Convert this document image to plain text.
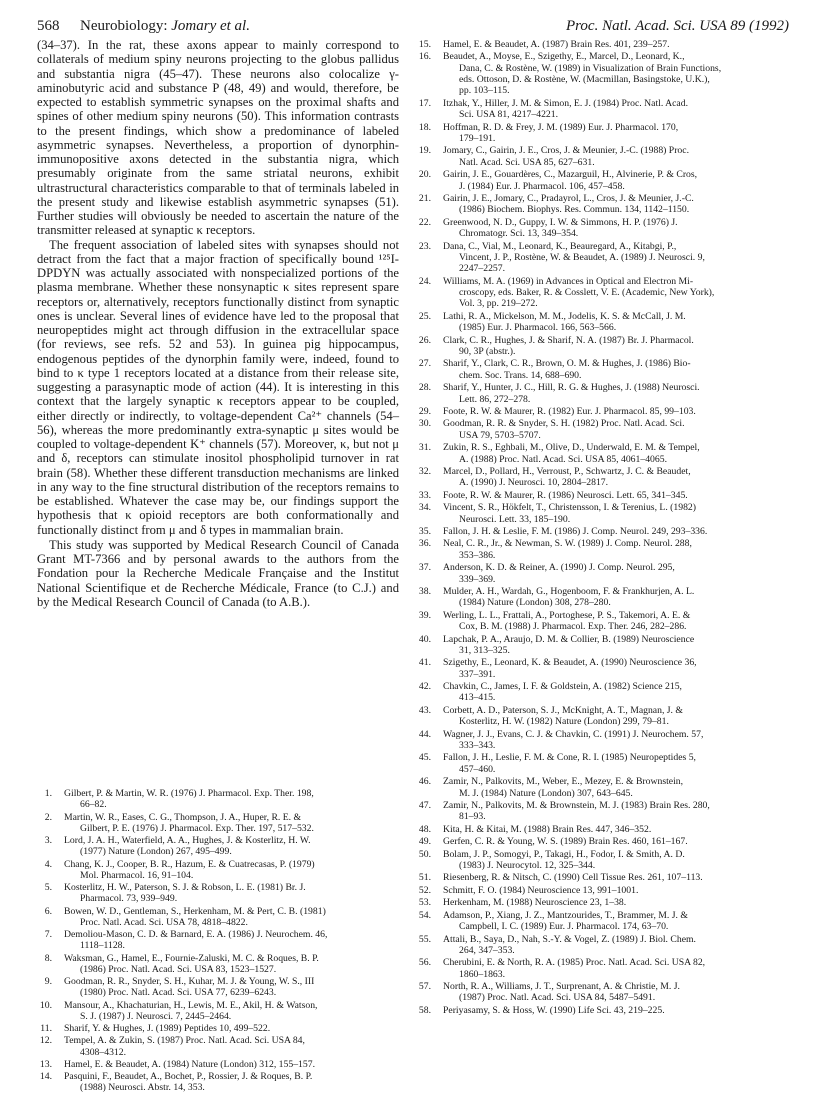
568 Neurobiology: Jomary et al.	Proc. Natl. Acad. Sci. USA 89 (1992)

(34–37). In the rat, these axons appear to mainly correspond to collaterals of medium spiny neurons projecting to the globus pallidus and substantia nigra (45–47). These neurons also colocalize γ-aminobutyric acid and substance P (48, 49) and would, therefore, be expected to establish symmetric synapses on the proximal shafts and spines of other medium spiny neurons (50). This information contrasts to the present findings, which show a predominance of labeled asymmetric synapses. Nevertheless, a proportion of dynorphin-immunopositive axons detected in the substantia nigra, which presumably originate from the same striatal neurons, exhibit ultrastructural characteristics comparable to that of terminals labeled in the present study and likewise establish asymmetric synapses (51). Further studies will obviously be needed to ascertain the nature of the transmitter released at synaptic κ receptors.

The frequent association of labeled sites with synapses should not detract from the fact that a major fraction of specifically bound ¹²⁵I-DPDYN was actually associated with nonspecialized portions of the plasma membrane. Whether these nonsynaptic κ sites represent spare receptors or, alternatively, receptors functionally distinct from synaptic ones is unclear. Several lines of evidence have led to the proposal that neuropeptides might act through diffusion in the extracellular space (for reviews, see refs. 52 and 53). In guinea pig hippocampus, endogenous peptides of the dynorphin family were, indeed, found to bind to κ type 1 receptors located at a distance from their release site, suggesting a parasynaptic mode of action (44). It is interesting in this context that the largely synaptic κ receptors appear to be coupled, either directly or indirectly, to voltage-dependent Ca²⁺ channels (54–56), whereas the more predominantly extra-synaptic μ sites would be coupled to voltage-dependent K⁺ channels (57). Moreover, κ, but not μ and δ, receptors can stimulate inositol phospholipid turnover in rat brain (58). Whether these different transduction mechanisms are linked in any way to the fine structural distribution of the receptors remains to be established. Whatever the case may be, our findings support the hypothesis that κ opioid receptors are both conformationally and functionally distinct from μ and δ types in mammalian brain.

This study was supported by Medical Research Council of Canada Grant MT-7366 and by personal awards to the authors from the Fondation pour la Recherche Medicale Française and the Institut National Scientifique et de Recherche Médicale, France (to C.J.) and by the Medical Research Council of Canada (to A.B.).

1. Gilbert, P. & Martin, W. R. (1976) J. Pharmacol. Exp. Ther. 198,

66–82.
2. Martin, W. R., Eases, C. G., Thompson, J. A., Huper, R. E. &

Gilbert, P. E. (1976) J. Pharmacol. Exp. Ther. 197, 517–532.
3. Lord, J. A. H., Waterfield, A. A., Hughes, J. & Kosterlitz, H. W.

(1977) Nature (London) 267, 495–499.
4. Chang, K. J., Cooper, B. R., Hazum, E. & Cuatrecasas, P. (1979)

Mol. Pharmacol. 16, 91–104.
5. Kosterlitz, H. W., Paterson, S. J. & Robson, L. E. (1981) Br. J.

Pharmacol. 73, 939–949.
6. Bowen, W. D., Gentleman, S., Herkenham, M. & Pert, C. B. (1981)

Proc. Natl. Acad. Sci. USA 78, 4818–4822.
7. Demoliou-Mason, C. D. & Barnard, E. A. (1986) J. Neurochem. 46,

1118–1128.
8. Waksman, G., Hamel, E., Fournie-Zaluski, M. C. & Roques, B. P.

(1986) Proc. Natl. Acad. Sci. USA 83, 1523–1527.
9. Goodman, R. R., Snyder, S. H., Kuhar, M. J. & Young, W. S., III

(1980) Proc. Natl. Acad. Sci. USA 77, 6239–6243.
10. Mansour, A., Khachaturian, H., Lewis, M. E., Akil, H. & Watson,

S. J. (1987) J. Neurosci. 7, 2445–2464.
11. Sharif, Y. & Hughes, J. (1989) Peptides 10, 499–522.

12. Tempel, A. & Zukin, S. (1987) Proc. Natl. Acad. Sci. USA 84,

4308–4312.
13. Hamel, E. & Beaudet, A. (1984) Nature (London) 312, 155–157.

14. Pasquini, F., Beaudet, A., Bochet, P., Rossier, J. & Roques, B. P.

(1988) Neurosci. Abstr. 14, 353.
15. Hamel, E. & Beaudet, A. (1987) Brain Res. 401, 239–257.

16. Beaudet, A., Moyse, E., Szigethy, E., Marcel, D., Leonard, K.,

Dana, C. & Rostène, W. (1989) in Visualization of Brain Functions,
eds. Ottoson, D. & Rostène, W. (Macmillan, Basingstoke, U.K.),
pp. 103–115.
17. Itzhak, Y., Hiller, J. M. & Simon, E. J. (1984) Proc. Natl. Acad.

Sci. USA 81, 4217–4221.
18. Hoffman, R. D. & Frey, J. M. (1989) Eur. J. Pharmacol. 170,

179–191.
19. Jomary, C., Gairin, J. E., Cros, J. & Meunier, J.-C. (1988) Proc.

Natl. Acad. Sci. USA 85, 627–631.
20. Gairin, J. E., Gouardères, C., Mazarguil, H., Alvinerie, P. & Cros,

J. (1984) Eur. J. Pharmacol. 106, 457–458.
21. Gairin, J. E., Jomary, C., Pradayrol, L., Cros, J. & Meunier, J.-C.

(1986) Biochem. Biophys. Res. Commun. 134, 1142–1150.
22. Greenwood, N. D., Guppy, I. W. & Simmons, H. P. (1976) J.

Chromatogr. Sci. 13, 349–354.
23. Dana, C., Vial, M., Leonard, K., Beauregard, A., Kitabgi, P.,

Vincent, J. P., Rostène, W. & Beaudet, A. (1989) J. Neurosci. 9,
2247–2257.
24. Williams, M. A. (1969) in Advances in Optical and Electron Mi-

croscopy, eds. Baker, R. & Cosslett, V. E. (Academic, New York),
Vol. 3, pp. 219–272.
25. Lathi, R. A., Mickelson, M. M., Jodelis, K. S. & McCall, J. M.

(1985) Eur. J. Pharmacol. 166, 563–566.
26. Clark, C. R., Hughes, J. & Sharif, N. A. (1987) Br. J. Pharmacol.

90, 3P (abstr.).
27. Sharif, Y., Clark, C. R., Brown, O. M. & Hughes, J. (1986) Bio-

chem. Soc. Trans. 14, 688–690.
28. Sharif, Y., Hunter, J. C., Hill, R. G. & Hughes, J. (1988) Neurosci.

Lett. 86, 272–278.
29. Foote, R. W. & Maurer, R. (1982) Eur. J. Pharmacol. 85, 99–103.

30. Goodman, R. R. & Snyder, S. H. (1982) Proc. Natl. Acad. Sci.

USA 79, 5703–5707.
31. Zukin, R. S., Eghbali, M., Olive, D., Underwald, E. M. & Tempel,

A. (1988) Proc. Natl. Acad. Sci. USA 85, 4061–4065.
32. Marcel, D., Pollard, H., Verroust, P., Schwartz, J. C. & Beaudet,

A. (1990) J. Neurosci. 10, 2804–2817.
33. Foote, R. W. & Maurer, R. (1986) Neurosci. Lett. 65, 341–345.

34. Vincent, S. R., Hökfelt, T., Christensson, I. & Terenius, L. (1982)

Neurosci. Lett. 33, 185–190.
35. Fallon, J. H. & Leslie, F. M. (1986) J. Comp. Neurol. 249, 293–336.

36. Neal, C. R., Jr., & Newman, S. W. (1989) J. Comp. Neurol. 288,

353–386.
37. Anderson, K. D. & Reiner, A. (1990) J. Comp. Neurol. 295,

339–369.
38. Mulder, A. H., Wardah, G., Hogenboom, F. & Frankhurjen, A. L.

(1984) Nature (London) 308, 278–280.
39. Werling, L. L., Frattali, A., Portoghese, P. S., Takemori, A. E. &

Cox, B. M. (1988) J. Pharmacol. Exp. Ther. 246, 282–286.
40. Lapchak, P. A., Araujo, D. M. & Collier, B. (1989) Neuroscience

31, 313–325.
41. Szigethy, E., Leonard, K. & Beaudet, A. (1990) Neuroscience 36,

337–391.
42. Chavkin, C., James, I. F. & Goldstein, A. (1982) Science 215,

413–415.
43. Corbett, A. D., Paterson, S. J., McKnight, A. T., Magnan, J. &

Kosterlitz, H. W. (1982) Nature (London) 299, 79–81.
44. Wagner, J. J., Evans, C. J. & Chavkin, C. (1991) J. Neurochem. 57,

333–343.
45. Fallon, J. H., Leslie, F. M. & Cone, R. I. (1985) Neuropeptides 5,

457–460.
46. Zamir, N., Palkovits, M., Weber, E., Mezey, E. & Brownstein,

M. J. (1984) Nature (London) 307, 643–645.
47. Zamir, N., Palkovits, M. & Brownstein, M. J. (1983) Brain Res. 280,

81–93.
48. Kita, H. & Kitai, M. (1988) Brain Res. 447, 346–352.

49. Gerfen, C. R. & Young, W. S. (1989) Brain Res. 460, 161–167.

50. Bolam, J. P., Somogyi, P., Takagi, H., Fodor, I. & Smith, A. D.

(1983) J. Neurocytol. 12, 325–344.
51. Riesenberg, R. & Nitsch, C. (1990) Cell Tissue Res. 261, 107–113.

52. Schmitt, F. O. (1984) Neuroscience 13, 991–1001.

53. Herkenham, M. (1988) Neuroscience 23, 1–38.

54. Adamson, P., Xiang, J. Z., Mantzourides, T., Brammer, M. J. &

Campbell, I. C. (1989) Eur. J. Pharmacol. 174, 63–70.
55. Attali, B., Saya, D., Nah, S.-Y. & Vogel, Z. (1989) J. Biol. Chem.

264, 347–353.
56. Cherubini, E. & North, R. A. (1985) Proc. Natl. Acad. Sci. USA 82,

1860–1863.
57. North, R. A., Williams, J. T., Surprenant, A. & Christie, M. J.

(1987) Proc. Natl. Acad. Sci. USA 84, 5487–5491.
58. Periyasamy, S. & Hoss, W. (1990) Life Sci. 43, 219–225.
